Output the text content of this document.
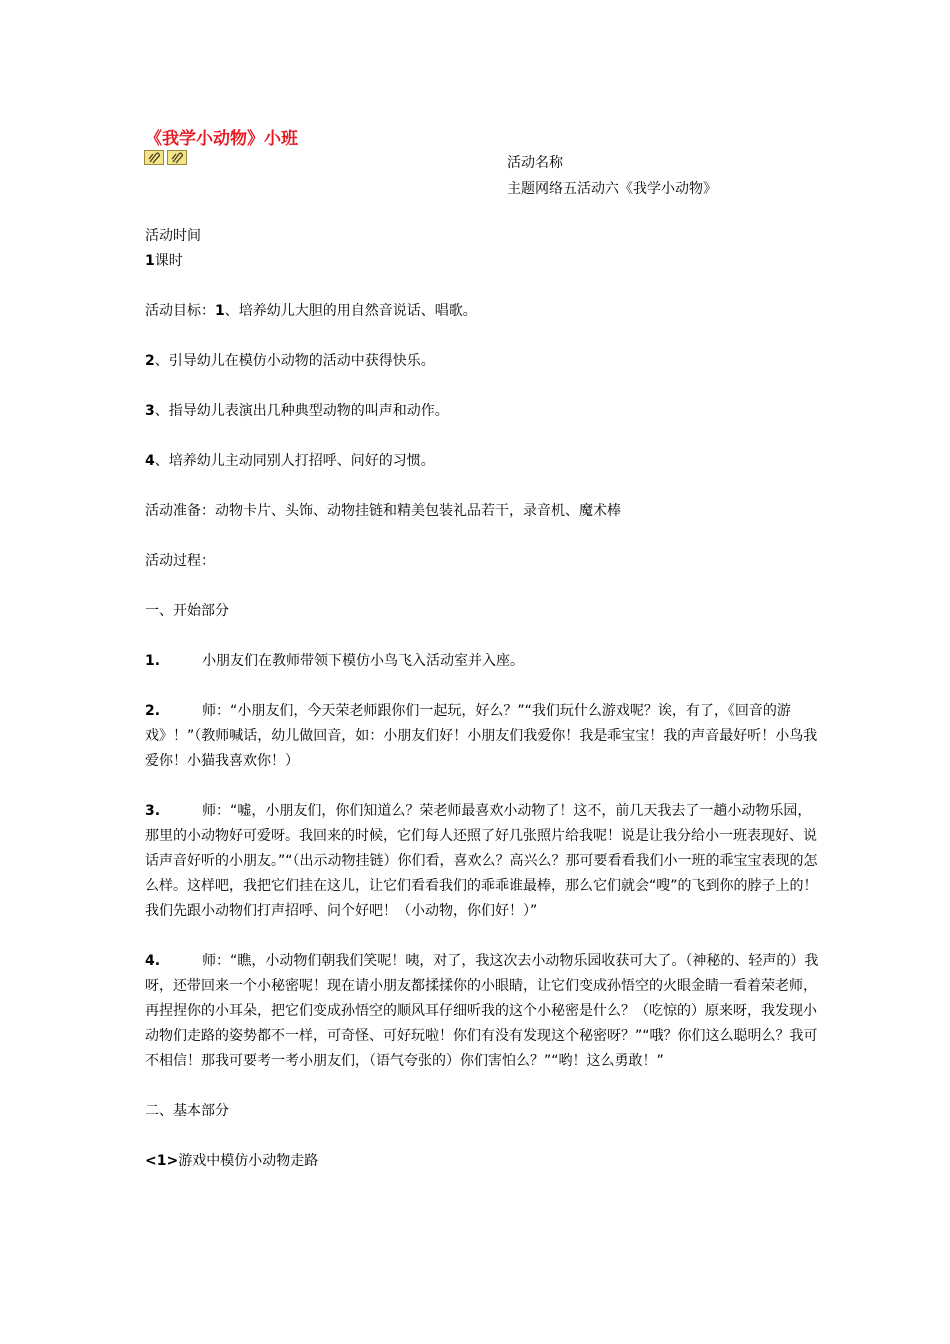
《我学小动物》小班
活动名称
主题网络五活动六《我学小动物》

活动时间

1课时

活动目标：1、培养幼儿大胆的用自然音说话、唱歌。

2、引导幼儿在模仿小动物的活动中获得快乐。

3、指导幼儿表演出几种典型动物的叫声和动作。

4、培养幼儿主动同别人打招呼、问好的习惯。

活动准备：动物卡片、头饰、动物挂链和精美包装礼品若干，录音机、魔术棒

活动过程：

一、开始部分

1.	小朋友们在教师带领下模仿小鸟飞入活动室并入座。

2.	师：“小朋友们，今天荣老师跟你们一起玩，好么？”“我们玩什么游戏呢？诶，有了，《回音的游戏》！”（教师喊话，幼儿做回音，如：小朋友们好！小朋友们我爱你！我是乖宝宝！我的声音最好听！小鸟我爱你！小猫我喜欢你！）

3.	师：“嘘，小朋友们，你们知道么？荣老师最喜欢小动物了！这不，前几天我去了一趟小动物乐园，那里的小动物好可爱呀。我回来的时候，它们每人还照了好几张照片给我呢！说是让我分给小一班表现好、说话声音好听的小朋友。”“（出示动物挂链）你们看，喜欢么？高兴么？那可要看看我们小一班的乖宝宝表现的怎么样。这样吧，我把它们挂在这儿，让它们看看我们的乖乖谁最棒，那么它们就会“嗖”的飞到你的脖子上的！我们先跟小动物们打声招呼、问个好吧！（小动物，你们好！）”

4.	师：“瞧，小动物们朝我们笑呢！咦，对了，我这次去小动物乐园收获可大了。（神秘的、轻声的）我呀，还带回来一个小秘密呢！现在请小朋友都揉揉你的小眼睛，让它们变成孙悟空的火眼金睛一看着荣老师，再捏捏你的小耳朵，把它们变成孙悟空的顺风耳仔细听我的这个小秘密是什么？（吃惊的）原来呀，我发现小动物们走路的姿势都不一样，可奇怪、可好玩啦！你们有没有发现这个秘密呀？”“哦？你们这么聪明么？我可不相信！那我可要考一考小朋友们，（语气夸张的）你们害怕么？”“哟！这么勇敢！”

二、基本部分

<1>游戏中模仿小动物走路
